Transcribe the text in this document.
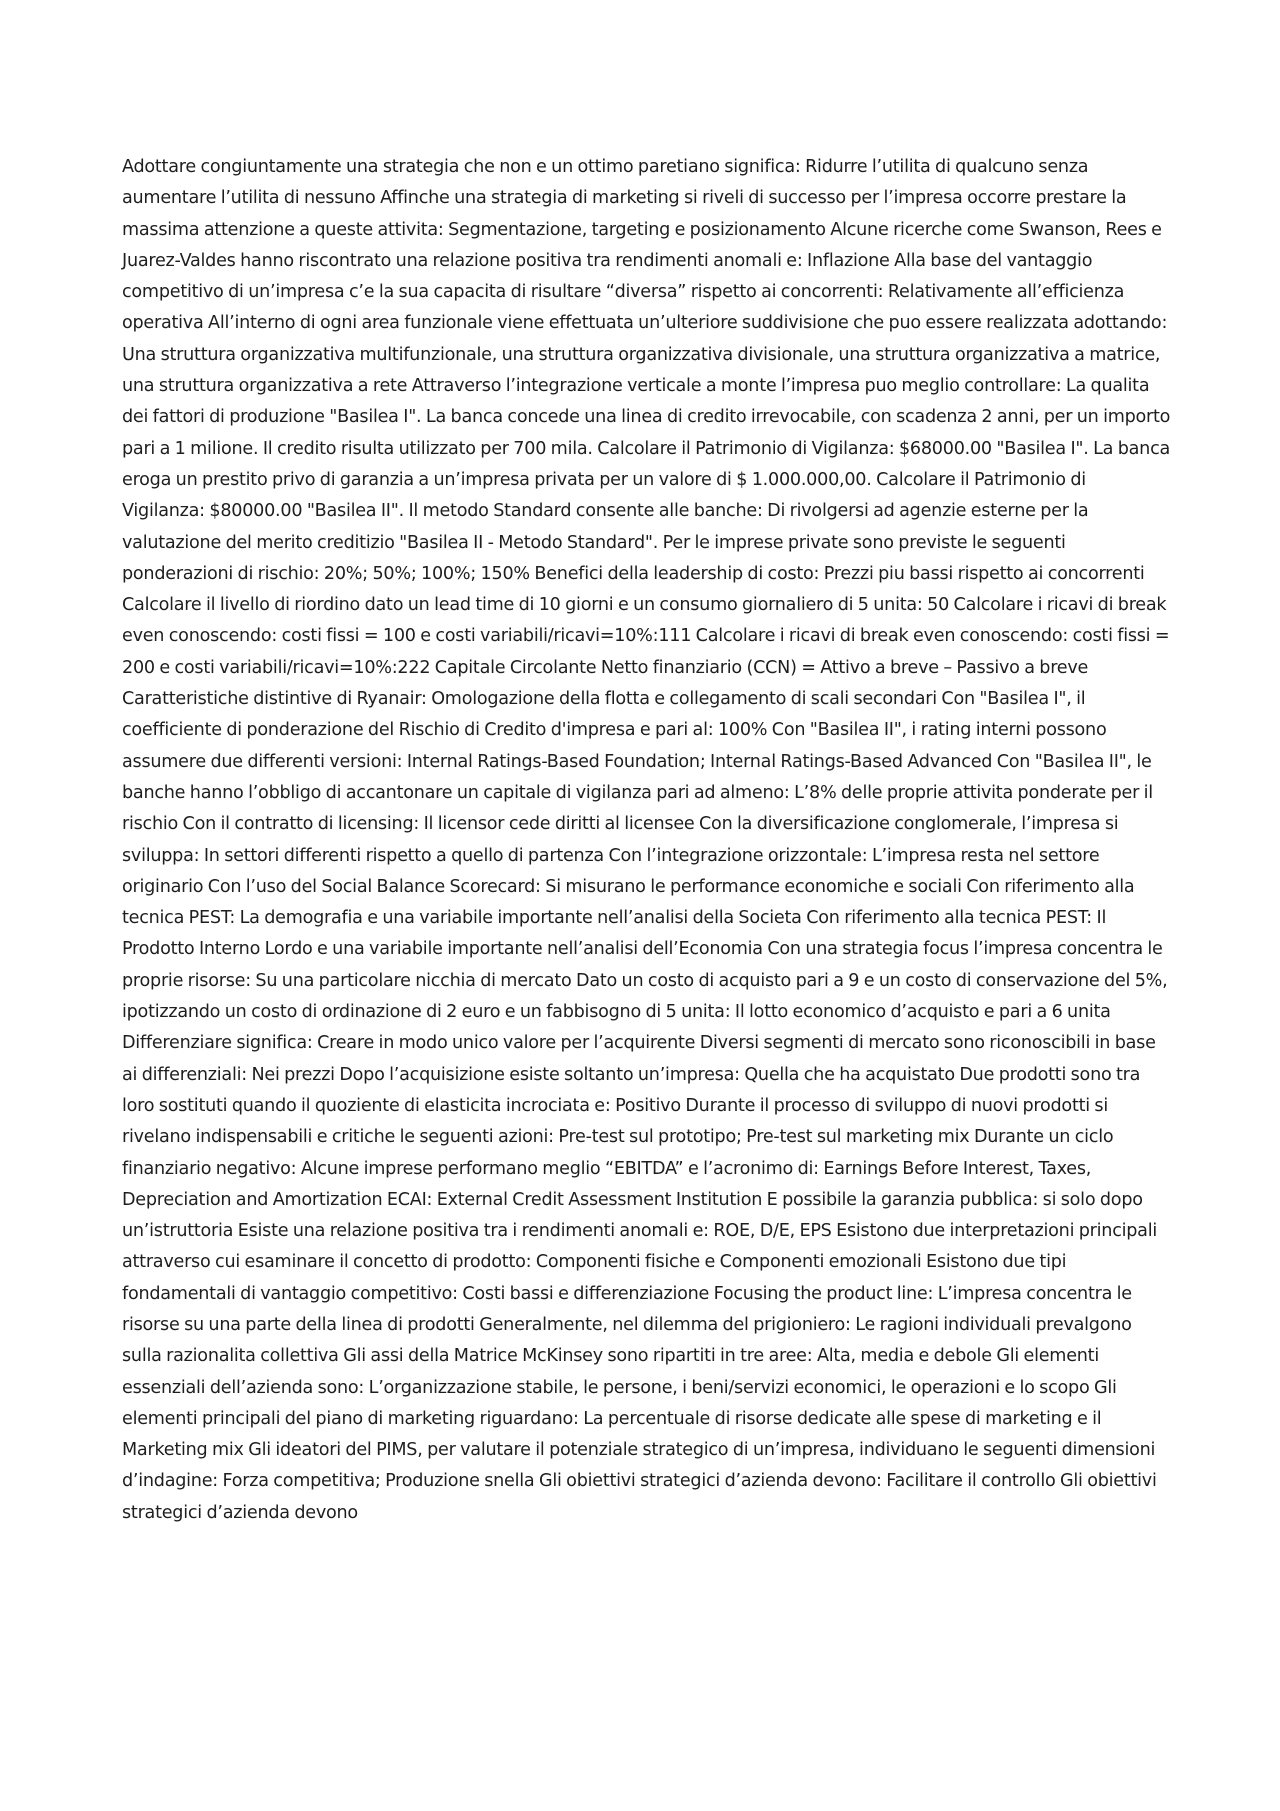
Adottare congiuntamente una strategia che non e un ottimo paretiano significa: Ridurre l’utilita di qualcuno senza aumentare l’utilita di nessuno Affinche una strategia di marketing si riveli di successo per l’impresa occorre prestare la massima attenzione a queste attivita: Segmentazione, targeting e posizionamento Alcune ricerche come Swanson, Rees e Juarez-Valdes hanno riscontrato una relazione positiva tra rendimenti anomali e: Inflazione Alla base del vantaggio competitivo di un’impresa c’e la sua capacita di risultare “diversa” rispetto ai concorrenti: Relativamente all’efficienza operativa All’interno di ogni area funzionale viene effettuata un’ulteriore suddivisione che puo essere realizzata adottando: Una struttura organizzativa multifunzionale, una struttura organizzativa divisionale, una struttura organizzativa a matrice, una struttura organizzativa a rete Attraverso l’integrazione verticale a monte l’impresa puo meglio controllare: La qualita dei fattori di produzione "Basilea I". La banca concede una linea di credito irrevocabile, con scadenza 2 anni, per un importo pari a 1 milione. Il credito risulta utilizzato per 700 mila. Calcolare il Patrimonio di Vigilanza: $68000.00 "Basilea I". La banca eroga un prestito privo di garanzia a un’impresa privata per un valore di $ 1.000.000,00. Calcolare il Patrimonio di Vigilanza: $80000.00 "Basilea II". Il metodo Standard consente alle banche: Di rivolgersi ad agenzie esterne per la valutazione del merito creditizio "Basilea II - Metodo Standard". Per le imprese private sono previste le seguenti ponderazioni di rischio: 20%; 50%; 100%; 150% Benefici della leadership di costo: Prezzi piu bassi rispetto ai concorrenti Calcolare il livello di riordino dato un lead time di 10 giorni e un consumo giornaliero di 5 unita: 50 Calcolare i ricavi di break even conoscendo: costi fissi = 100 e costi variabili/ricavi=10%:111 Calcolare i ricavi di break even conoscendo: costi fissi = 200 e costi variabili/ricavi=10%:222 Capitale Circolante Netto finanziario (CCN) = Attivo a breve – Passivo a breve Caratteristiche distintive di Ryanair: Omologazione della flotta e collegamento di scali secondari Con "Basilea I", il coefficiente di ponderazione del Rischio di Credito d'impresa e pari al: 100% Con "Basilea II", i rating interni possono assumere due differenti versioni: Internal Ratings-Based Foundation; Internal Ratings-Based Advanced Con "Basilea II", le banche hanno l’obbligo di accantonare un capitale di vigilanza pari ad almeno: L’8% delle proprie attivita ponderate per il rischio Con il contratto di licensing: Il licensor cede diritti al licensee Con la diversificazione conglomerale, l’impresa si sviluppa: In settori differenti rispetto a quello di partenza Con l’integrazione orizzontale: L’impresa resta nel settore originario Con l’uso del Social Balance Scorecard: Si misurano le performance economiche e sociali Con riferimento alla tecnica PEST: La demografia e una variabile importante nell’analisi della Societa Con riferimento alla tecnica PEST: Il Prodotto Interno Lordo e una variabile importante nell’analisi dell’Economia Con una strategia focus l’impresa concentra le proprie risorse: Su una particolare nicchia di mercato Dato un costo di acquisto pari a 9 e un costo di conservazione del 5%, ipotizzando un costo di ordinazione di 2 euro e un fabbisogno di 5 unita: Il lotto economico d’acquisto e pari a 6 unita Differenziare significa: Creare in modo unico valore per l’acquirente Diversi segmenti di mercato sono riconoscibili in base ai differenziali: Nei prezzi Dopo l’acquisizione esiste soltanto un’impresa: Quella che ha acquistato Due prodotti sono tra loro sostituti quando il quoziente di elasticita incrociata e: Positivo Durante il processo di sviluppo di nuovi prodotti si rivelano indispensabili e critiche le seguenti azioni: Pre-test sul prototipo; Pre-test sul marketing mix Durante un ciclo finanziario negativo: Alcune imprese performano meglio “EBITDA” e l’acronimo di: Earnings Before Interest, Taxes, Depreciation and Amortization ECAI: External Credit Assessment Institution E possibile la garanzia pubblica: si solo dopo un’istruttoria Esiste una relazione positiva tra i rendimenti anomali e: ROE, D/E, EPS Esistono due interpretazioni principali attraverso cui esaminare il concetto di prodotto: Componenti fisiche e Componenti emozionali Esistono due tipi fondamentali di vantaggio competitivo: Costi bassi e differenziazione Focusing the product line: L’impresa concentra le risorse su una parte della linea di prodotti Generalmente, nel dilemma del prigioniero: Le ragioni individuali prevalgono sulla razionalita collettiva Gli assi della Matrice McKinsey sono ripartiti in tre aree: Alta, media e debole Gli elementi essenziali dell’azienda sono: L’organizzazione stabile, le persone, i beni/servizi economici, le operazioni e lo scopo Gli elementi principali del piano di marketing riguardano: La percentuale di risorse dedicate alle spese di marketing e il Marketing mix Gli ideatori del PIMS, per valutare il potenziale strategico di un’impresa, individuano le seguenti dimensioni d’indagine: Forza competitiva; Produzione snella Gli obiettivi strategici d’azienda devono: Facilitare il controllo Gli obiettivi strategici d’azienda devono
